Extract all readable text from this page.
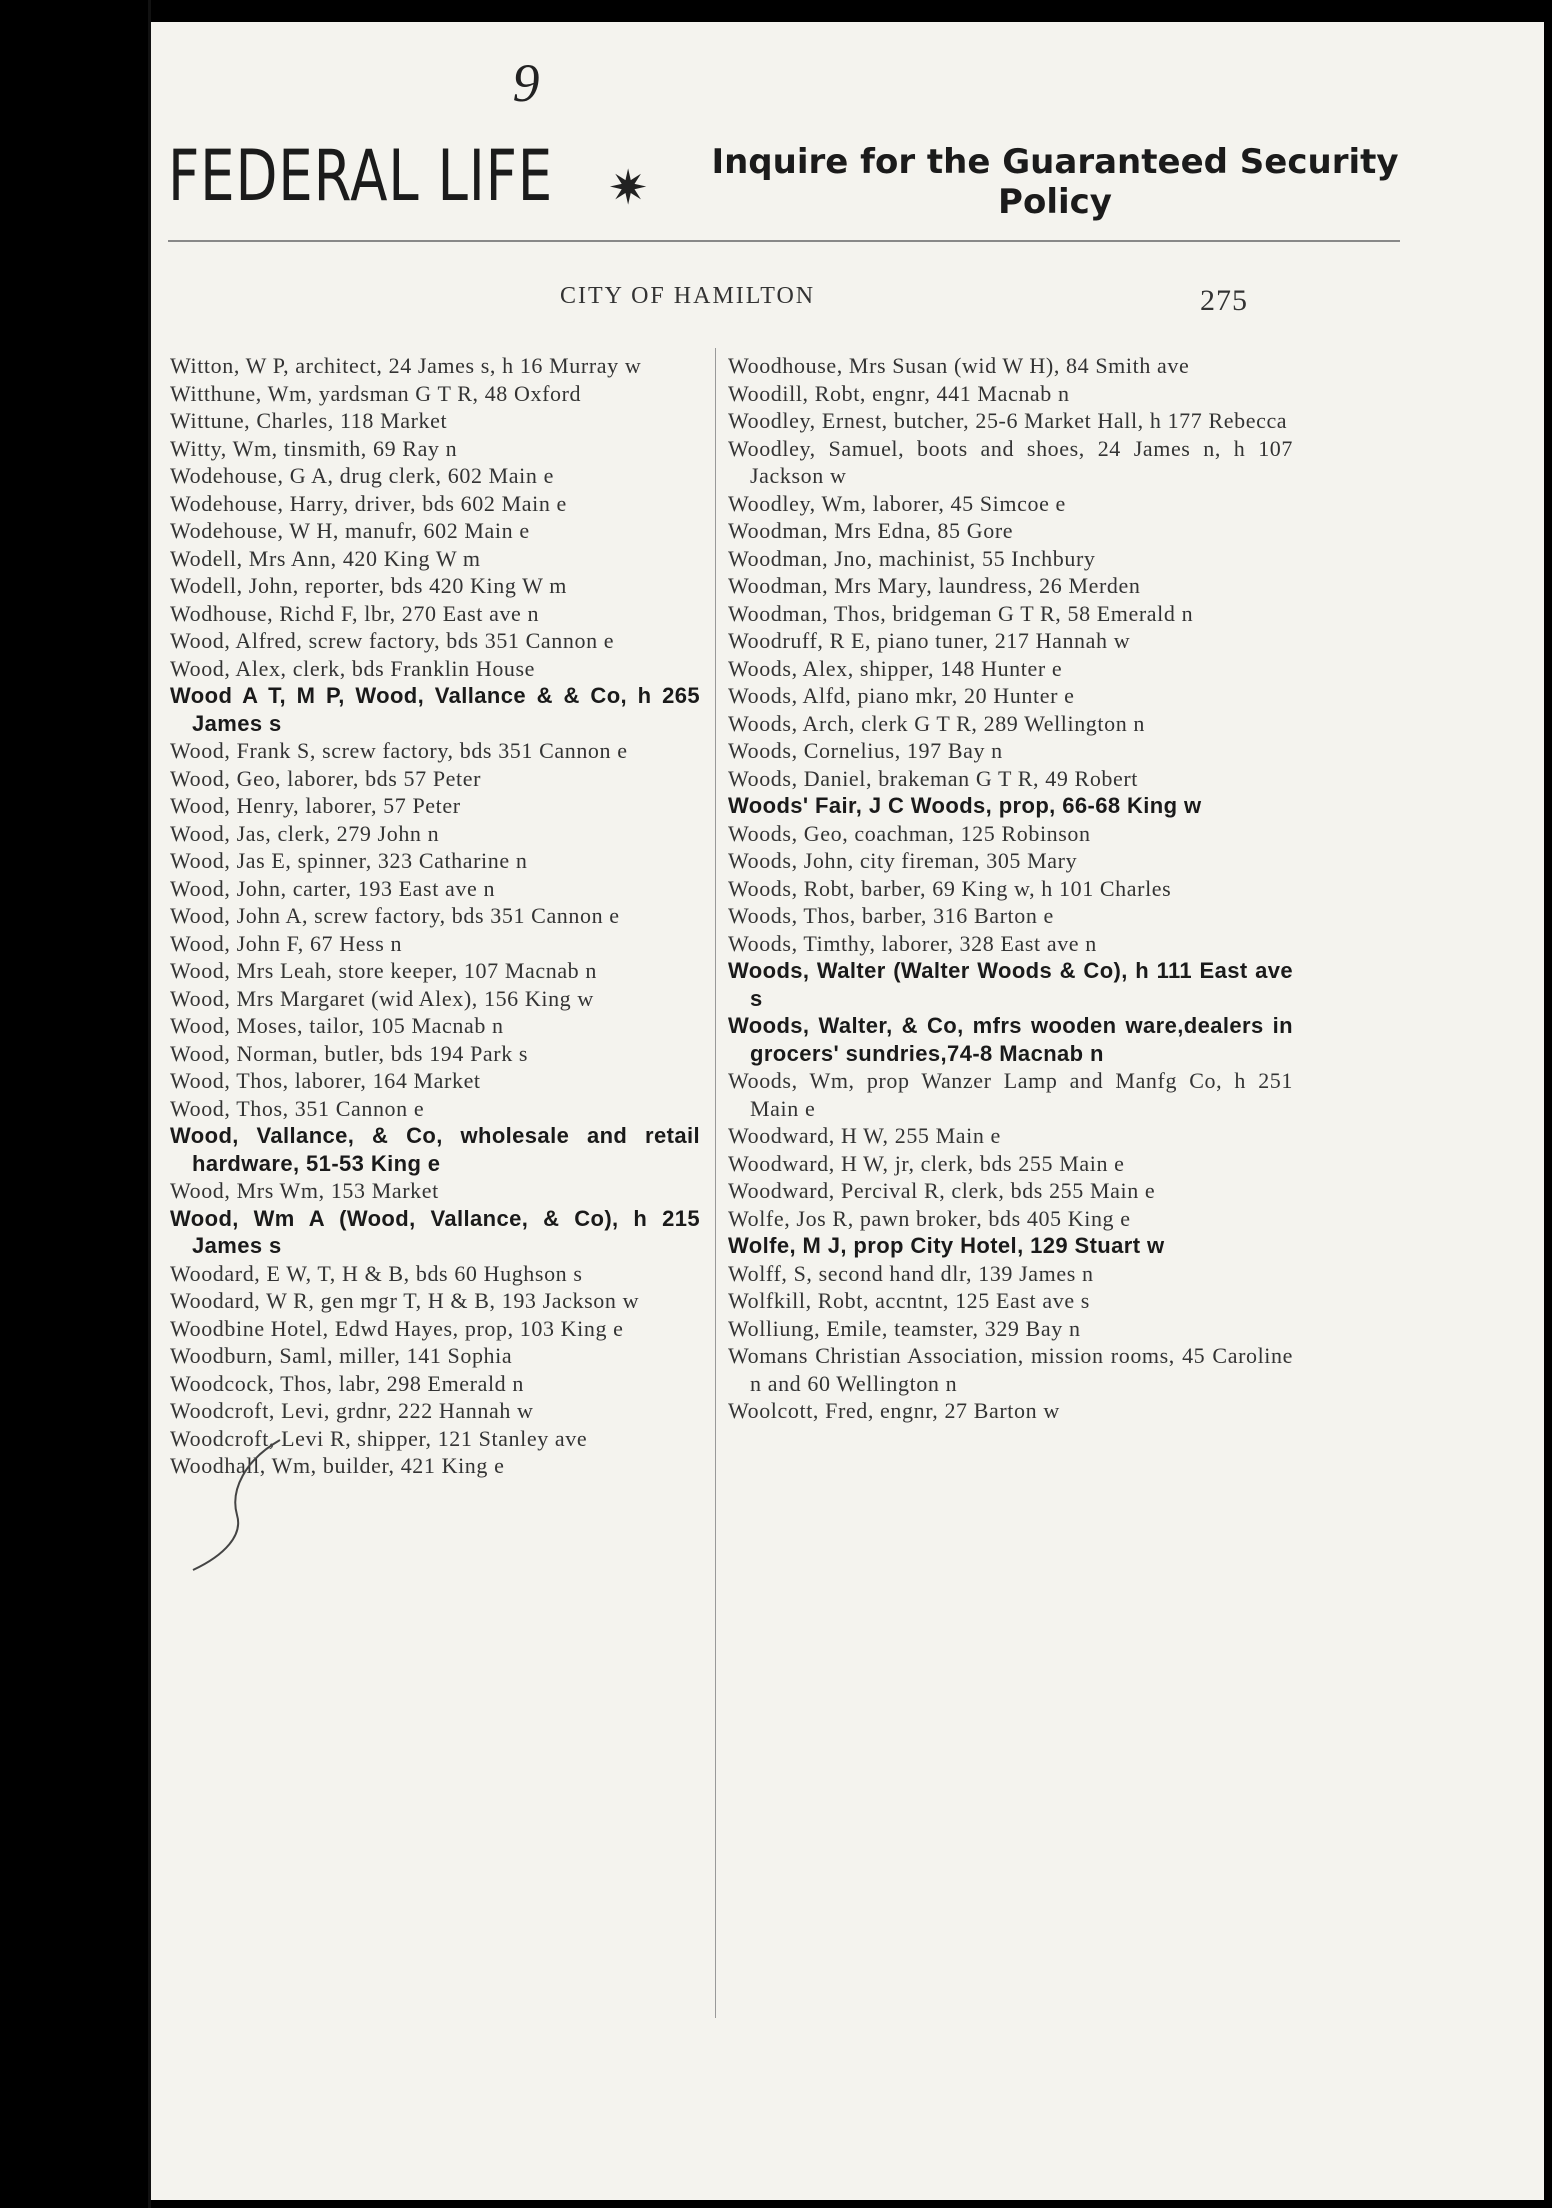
9
FEDERAL LIFE ✷ Inquire for the Guaranteed Security Policy
CITY OF HAMILTON	275
Witton, W P, architect, 24 James s, h 16 Murray w
Witthune, Wm, yardsman G T R, 48 Oxford
Wittune, Charles, 118 Market
Witty, Wm, tinsmith, 69 Ray n
Wodehouse, G A, drug clerk, 602 Main e
Wodehouse, Harry, driver, bds 602 Main e
Wodehouse, W H, manufr, 602 Main e
Wodell, Mrs Ann, 420 King W m
Wodell, John, reporter, bds 420 King W m
Wodhouse, Richd F, lbr, 270 East ave n
Wood, Alfred, screw factory, bds 351 Cannon e
Wood, Alex, clerk, bds Franklin House
Wood A T, M P, Wood, Vallance & & Co, h 265 James s
Wood, Frank S, screw factory, bds 351 Cannon e
Wood, Geo, laborer, bds 57 Peter
Wood, Henry, laborer, 57 Peter
Wood, Jas, clerk, 279 John n
Wood, Jas E, spinner, 323 Catharine n
Wood, John, carter, 193 East ave n
Wood, John A, screw factory, bds 351 Cannon e
Wood, John F, 67 Hess n
Wood, Mrs Leah, store keeper, 107 Macnab n
Wood, Mrs Margaret (wid Alex), 156 King w
Wood, Moses, tailor, 105 Macnab n
Wood, Norman, butler, bds 194 Park s
Wood, Thos, laborer, 164 Market
Wood, Thos, 351 Cannon e
Wood, Vallance, & Co, wholesale and retail hardware, 51-53 King e
Wood, Mrs Wm, 153 Market
Wood, Wm A (Wood, Vallance, & Co), h 215 James s
Woodard, E W, T, H & B, bds 60 Hughson s
Woodard, W R, gen mgr T, H & B, 193 Jackson w
Woodbine Hotel, Edwd Hayes, prop, 103 King e
Woodburn, Saml, miller, 141 Sophia
Woodcock, Thos, labr, 298 Emerald n
Woodcroft, Levi, grdnr, 222 Hannah w
Woodcroft, Levi R, shipper, 121 Stanley ave
Woodhall, Wm, builder, 421 King e
Woodhouse, Mrs Susan (wid W H), 84 Smith ave
Woodill, Robt, engnr, 441 Macnab n
Woodley, Ernest, butcher, 25-6 Market Hall, h 177 Rebecca
Woodley, Samuel, boots and shoes, 24 James n, h 107 Jackson w
Woodley, Wm, laborer, 45 Simcoe e
Woodman, Mrs Edna, 85 Gore
Woodman, Jno, machinist, 55 Inchbury
Woodman, Mrs Mary, laundress, 26 Merden
Woodman, Thos, bridgeman G T R, 58 Emerald n
Woodruff, R E, piano tuner, 217 Hannah w
Woods, Alex, shipper, 148 Hunter e
Woods, Alfd, piano mkr, 20 Hunter e
Woods, Arch, clerk G T R, 289 Wellington n
Woods, Cornelius, 197 Bay n
Woods, Daniel, brakeman G T R, 49 Robert
Woods' Fair, J C Woods, prop, 66-68 King w
Woods, Geo, coachman, 125 Robinson
Woods, John, city fireman, 305 Mary
Woods, Robt, barber, 69 King w, h 101 Charles
Woods, Thos, barber, 316 Barton e
Woods, Timthy, laborer, 328 East ave n
Woods, Walter (Walter Woods & Co), h 111 East ave s
Woods, Walter, & Co, mfrs wooden ware,dealers in grocers' sundries,74-8 Macnab n
Woods, Wm, prop Wanzer Lamp and Manfg Co, h 251 Main e
Woodward, H W, 255 Main e
Woodward, H W, jr, clerk, bds 255 Main e
Woodward, Percival R, clerk, bds 255 Main e
Wolfe, Jos R, pawn broker, bds 405 King e
Wolfe, M J, prop City Hotel, 129 Stuart w
Wolff, S, second hand dlr, 139 James n
Wolfkill, Robt, accntnt, 125 East ave s
Wolliung, Emile, teamster, 329 Bay n
Womans Christian Association, mission rooms, 45 Caroline n and 60 Wellington n
Woolcott, Fred, engnr, 27 Barton w
